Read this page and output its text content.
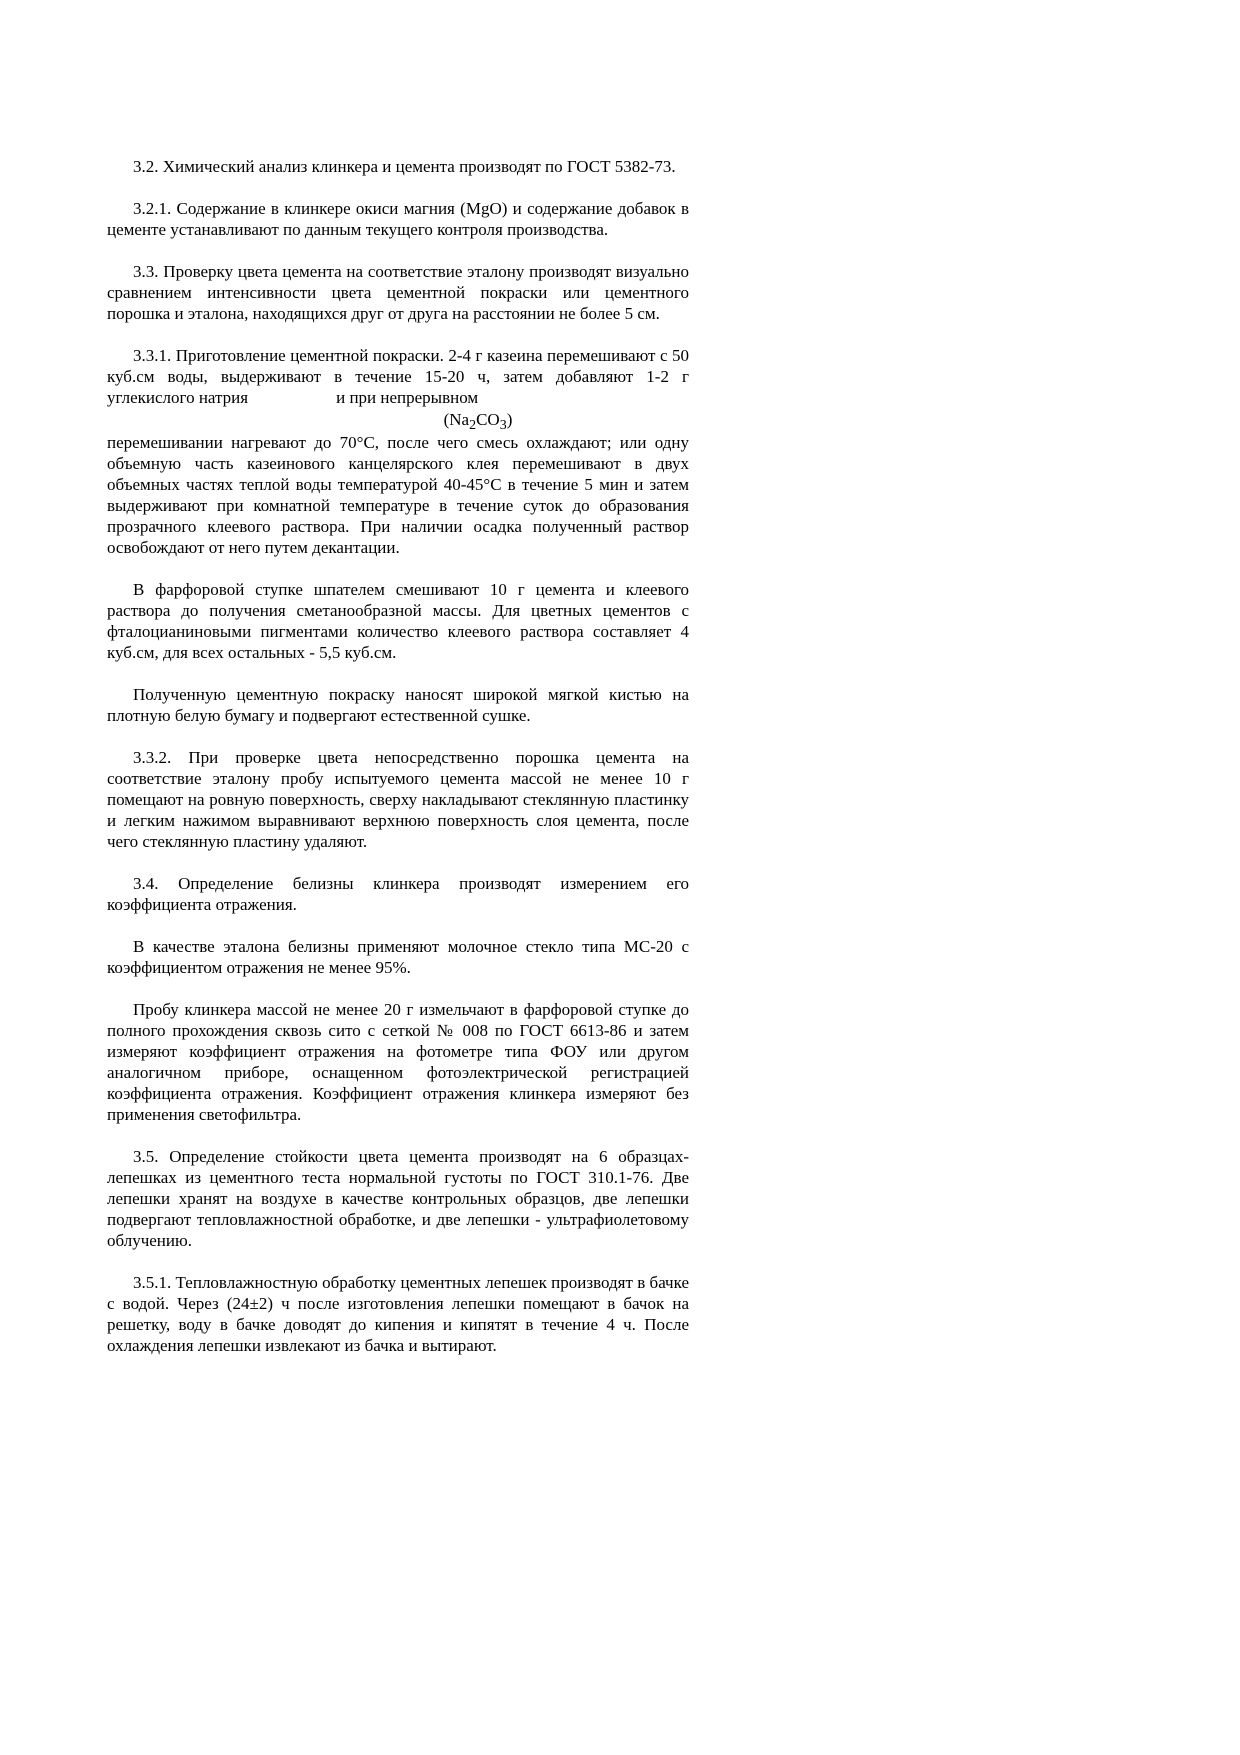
3.2. Химический анализ клинкера и цемента производят по ГОСТ 5382-73.

3.2.1. Содержание в клинкере окиси магния (MgO) и содержание добавок в цементе устанавливают по данным текущего контроля производства.

3.3. Проверку цвета цемента на соответствие эталону производят визуально сравнением интенсивности цвета цементной покраски или цементного порошка и эталона, находящихся друг от друга на расстоянии не более 5 см.

3.3.1. Приготовление цементной покраски. 2-4 г казеина перемешивают с 50 куб.см воды, выдерживают в течение 15-20 ч, затем добавляют 1-2 г углекислого натрия	и при непрерывном

$(Na_2CO_3)$

перемешивании нагревают до 70°С, после чего смесь охлаждают; или одну объемную часть казеинового канцелярского клея перемешивают в двух объемных частях теплой воды температурой 40-45°С в течение 5 мин и затем выдерживают при комнатной температуре в течение суток до образования прозрачного клеевого раствора. При наличии осадка полученный раствор освобождают от него путем декантации.

В фарфоровой ступке шпателем смешивают 10 г цемента и клеевого раствора до получения сметанообразной массы. Для цветных цементов с фталоцианиновыми пигментами количество клеевого раствора составляет 4 куб.см, для всех остальных - 5,5 куб.см.

Полученную цементную покраску наносят широкой мягкой кистью на плотную белую бумагу и подвергают естественной сушке.

3.3.2. При проверке цвета непосредственно порошка цемента на соответствие эталону пробу испытуемого цемента массой не менее 10 г помещают на ровную поверхность, сверху накладывают стеклянную пластинку и легким нажимом выравнивают верхнюю поверхность слоя цемента, после чего стеклянную пластину удаляют.

3.4. Определение белизны клинкера производят измерением его коэффициента отражения.

В качестве эталона белизны применяют молочное стекло типа МС-20 с коэффициентом отражения не менее 95%.

Пробу клинкера массой не менее 20 г измельчают в фарфоровой ступке до полного прохождения сквозь сито с сеткой № 008 по ГОСТ 6613-86 и затем измеряют коэффициент отражения на фотометре типа ФОУ или другом аналогичном приборе, оснащенном фотоэлектрической регистрацией коэффициента отражения. Коэффициент отражения клинкера измеряют без применения светофильтра.

3.5. Определение стойкости цвета цемента производят на 6 образцах-лепешках из цементного теста нормальной густоты по ГОСТ 310.1-76. Две лепешки хранят на воздухе в качестве контрольных образцов, две лепешки подвергают тепловлажностной обработке, и две лепешки - ультрафиолетовому облучению.

3.5.1. Тепловлажностную обработку цементных лепешек производят в бачке с водой. Через (24±2) ч после изготовления лепешки помещают в бачок на решетку, воду в бачке доводят до кипения и кипятят в течение 4 ч. После охлаждения лепешки извлекают из бачка и вытирают.
